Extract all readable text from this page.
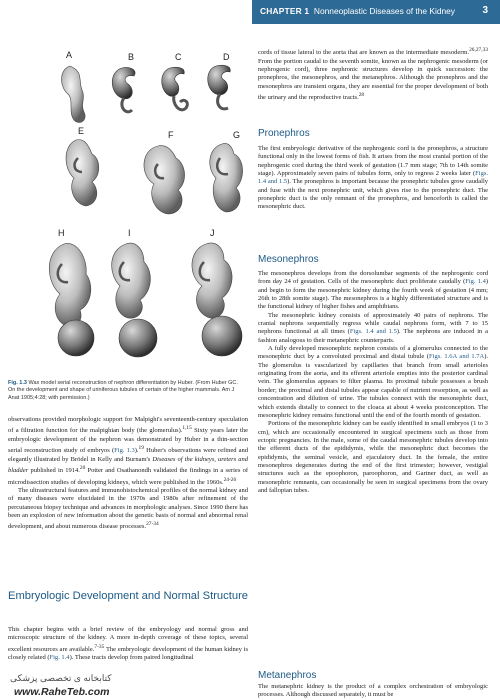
CHAPTER 1 Nonneoplastic Diseases of the Kidney	3
A	B	C	D
E	F	G
H	I	J
Fig. 1.3 Wax model serial reconstruction of nephron differentiation by Huber. (From Huber GC. On the development and shape of uriniferous tubules of certain of the higher mammals. Am J Anat 1905;4:28; with permission.)

observations provided morphologic support for Malpighi's seventeenth-century speculation of a filtration function for the malpighian body (the glomerulus).$^{1,15}$ Sixty years later the embryologic development of the nephron was demonstrated by Huber in a thin-section serial reconstruction study of embryos (Fig. 1.3).$^{19}$ Huber's observations were refined and elegantly illustrated by Brödel in Kelly and Burnam's Diseases of the kidneys, ureters and bladder published in 1914.20 Potter and Osathanondh validated the findings in a series of microdissection studies of developing kidneys, which were published in the 1960s.$^{24-26}$

The ultrastructural features and immunohistochemical profiles of the normal kidney and of many diseases were elucidated in the 1970s and 1980s after refinement of the percutaneous biopsy technique and advances in morphologic analyses. Since 1990 there has been an explosion of new information about the genetic basis of normal and abnormal renal development, and about numerous disease processes.$^{27-34}$

Embryologic Development and Normal Structure

This chapter begins with a brief review of the embryology and normal gross and microscopic structure of the kidney. A more in-depth coverage of these topics, several excellent resources are available.$^{7-35}$ The embryologic development of the human kidney is closely related (Fig. 1.4). These tracts develop from paired longitudinal

کتابخانه ی تخصصی پزشکی
www.RaheTeb.com

cords of tissue lateral to the aorta that are known as the intermediate mesoderm.$^{26,27,33}$ From the portion caudal to the seventh somite, known as the nephrogenic mesoderm (or nephrogenic cord), three nephronic structures develop in quick succession: the pronephros, the mesonephros, and the metanephros. Although the pronephros and the mesonephros are transient organs, they are essential for the proper development of both the urinary and the reproductive tracts.$^{28}$

Pronephros

The first embryologic derivative of the nephrogenic cord is the pronephros, a structure functional only in the lowest forms of fish. It arises from the most cranial portion of the nephrogenic cord during the third week of gestation (1.7 mm stage; 7th to 14th somite stage). Approximately seven pairs of tubules form, only to regress 2 weeks later (Figs. 1.4 and 1.5). The pronephros is important because the pronephric tubules grow caudally and fuse with the next pronephric unit, which gives rise to the pronephric duct. The pronephric duct is the only remnant of the pronephros, and henceforth is called the mesonephric duct.

Mesonephros

The mesonephros develops from the dorsolumbar segments of the nephrogenic cord from day 24 of gestation. Cells of the mesonephric duct proliferate caudally (Fig. 1.4) and begin to form the mesonephric kidney during the fourth week of gestation (4 mm; 26th to 28th somite stage). The mesonephros is a highly differentiated structure and is the functional kidney of higher fishes and amphibians.

The mesonephric kidney consists of approximately 40 pairs of nephrons. The cranial nephrons sequentially regress while caudal nephrons form, with 7 to 15 nephrons functional at all times (Figs. 1.4 and 1.5). The nephrons are induced in a fashion analogous to their metanephric counterparts.

A fully developed mesonephric nephron consists of a glomerulus connected to the mesonephric duct by a convoluted proximal and distal tubule (Figs. 1.6A and 1.7A). The glomerulus is vascularized by capillaries that branch from small arterioles originating from the aorta, and its efferent arteriole empties into the posterior cardinal vein. The glomerulus appears to filter plasma. Its proximal tubule possesses a brush border; the proximal and distal tubules appear capable of nutrient resorption, as well as concentration and dilution of urine. The tubules connect with the mesonephric duct, which extends distally to connect to the cloaca at about 4 weeks postconception. The mesonephric kidney remains functional until the end of the fourth month of gestation.

Portions of the mesonephric kidney can be easily identified in small embryos (1 to 3 cm), which are occasionally encountered in surgical specimens such as those from ectopic pregnancies. In the male, some of the caudal mesonephric tubules develop into the efferent ducts of the epididymis, while the mesonephric duct becomes the epididymis, the seminal vesicle, and ejaculatory duct. In the female, the entire mesonephros degenerates during the end of the first trimester; however, vestigial structures such as the epoophoron, paroophoron, and Gartner duct, as well as mesonephric remnants, can occasionally be seen in surgical specimens from the ovary and fallopian tubes.

Metanephros

The metanephric kidney is the product of a complex orchestration of embryologic processes. Although discussed separately, it must be
